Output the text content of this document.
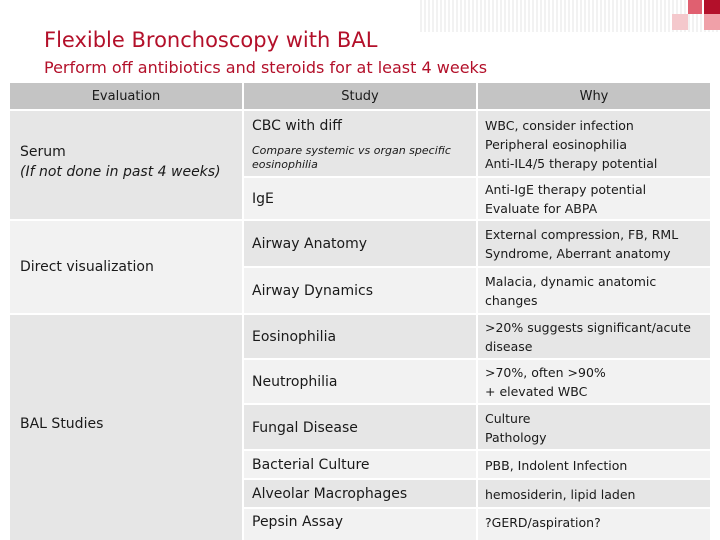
Flexible Bronchoscopy with BAL
Perform off antibiotics and steroids for at least 4 weeks
Evaluation	Study	Why
Serum
(If not done in past 4 weeks)
Direct visualization
BAL Studies
CBC with diff
Compare systemic vs organ specific eosinophilia
IgE
Airway Anatomy
Airway Dynamics
Eosinophilia
Neutrophilia
Fungal Disease
Bacterial Culture
Alveolar Macrophages
Pepsin Assay
WBC, consider infection
Peripheral eosinophilia
Anti-IL4/5 therapy potential
Anti-IgE therapy potential
Evaluate for ABPA
External compression, FB, RML
Syndrome, Aberrant anatomy
Malacia, dynamic anatomic
changes
>20% suggests significant/acute
disease
>70%, often >90%
+ elevated WBC
Culture
Pathology
PBB, Indolent Infection
hemosiderin, lipid laden
?GERD/aspiration?
